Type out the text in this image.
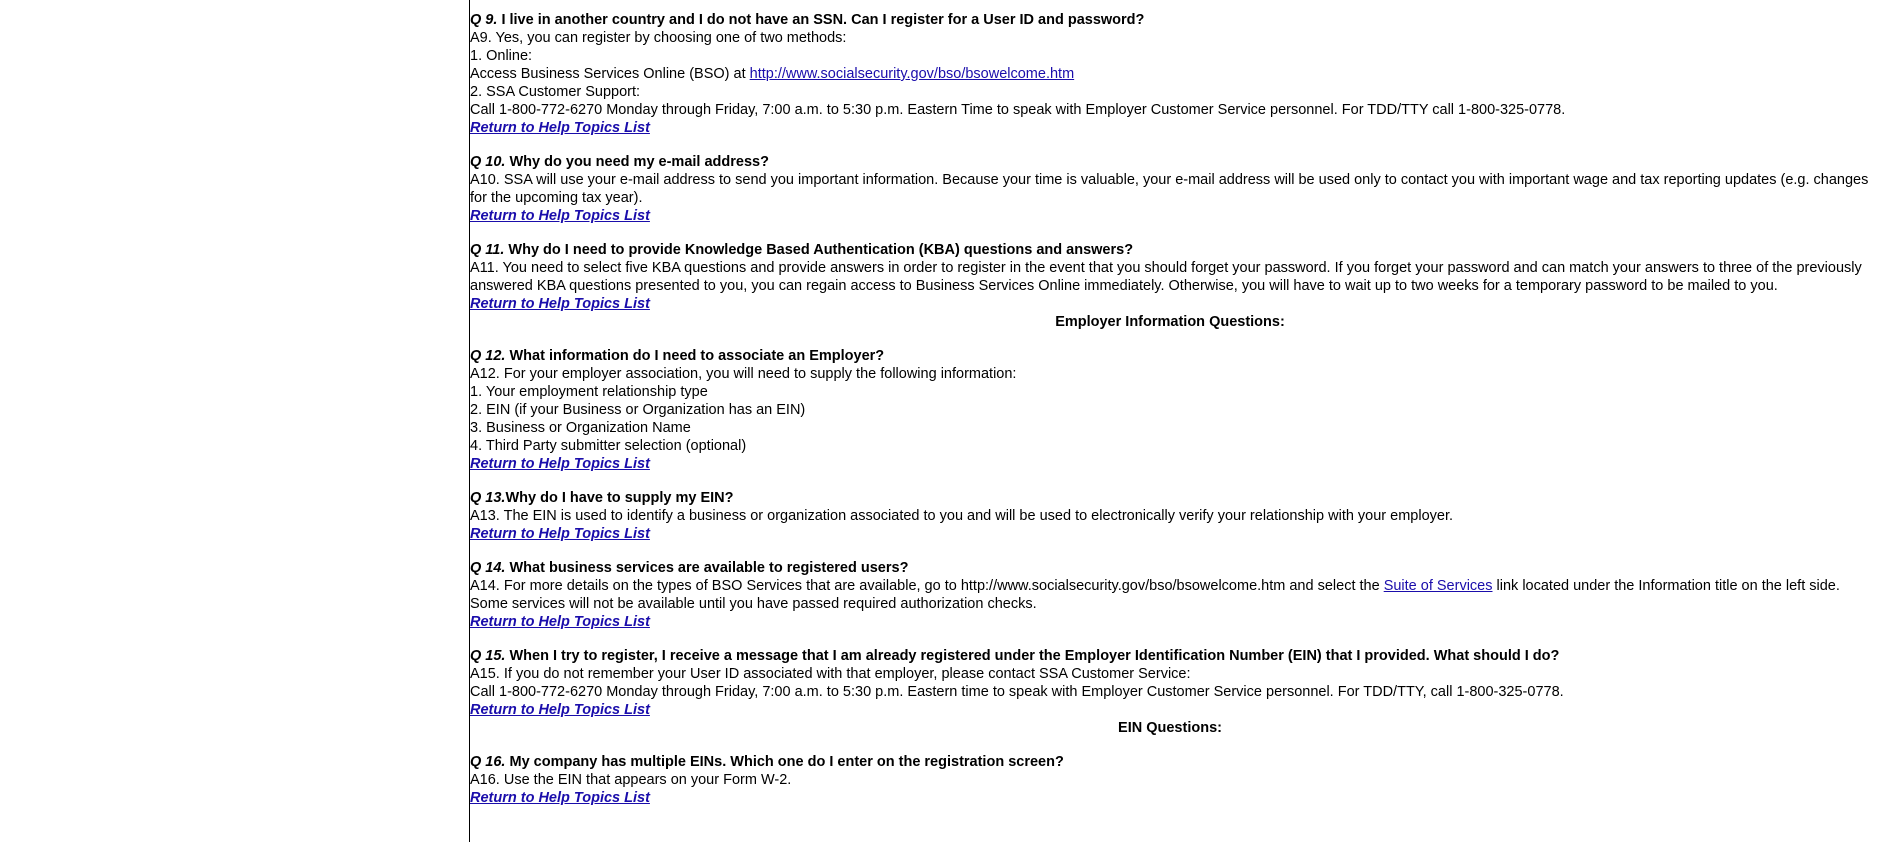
Q 9. I live in another country and I do not have an SSN. Can I register for a User ID and password?
A9. Yes, you can register by choosing one of two methods:
1. Online:
Access Business Services Online (BSO) at http://www.socialsecurity.gov/bso/bsowelcome.htm
2. SSA Customer Support:
Call 1-800-772-6270 Monday through Friday, 7:00 a.m. to 5:30 p.m. Eastern Time to speak with Employer Customer Service personnel. For TDD/TTY call 1-800-325-0778.
Return to Help Topics List
Q 10. Why do you need my e-mail address?
A10. SSA will use your e-mail address to send you important information. Because your time is valuable, your e-mail address will be used only to contact you with important wage and tax reporting updates (e.g. changes for the upcoming tax year).
Return to Help Topics List
Q 11. Why do I need to provide Knowledge Based Authentication (KBA) questions and answers?
A11. You need to select five KBA questions and provide answers in order to register in the event that you should forget your password. If you forget your password and can match your answers to three of the previously answered KBA questions presented to you, you can regain access to Business Services Online immediately. Otherwise, you will have to wait up to two weeks for a temporary password to be mailed to you.
Return to Help Topics List
Employer Information Questions:
Q 12. What information do I need to associate an Employer?
A12. For your employer association, you will need to supply the following information:
1. Your employment relationship type
2. EIN (if your Business or Organization has an EIN)
3. Business or Organization Name
4. Third Party submitter selection (optional)
Return to Help Topics List
Q 13.Why do I have to supply my EIN?
A13. The EIN is used to identify a business or organization associated to you and will be used to electronically verify your relationship with your employer.
Return to Help Topics List
Q 14. What business services are available to registered users?
A14. For more details on the types of BSO Services that are available, go to http://www.socialsecurity.gov/bso/bsowelcome.htm and select the Suite of Services link located under the Information title on the left side. Some services will not be available until you have passed required authorization checks.
Return to Help Topics List
Q 15. When I try to register, I receive a message that I am already registered under the Employer Identification Number (EIN) that I provided. What should I do?
A15. If you do not remember your User ID associated with that employer, please contact SSA Customer Service:
Call 1-800-772-6270 Monday through Friday, 7:00 a.m. to 5:30 p.m. Eastern time to speak with Employer Customer Service personnel. For TDD/TTY, call 1-800-325-0778.
Return to Help Topics List
EIN Questions:
Q 16. My company has multiple EINs. Which one do I enter on the registration screen?
A16. Use the EIN that appears on your Form W-2.
Return to Help Topics List
